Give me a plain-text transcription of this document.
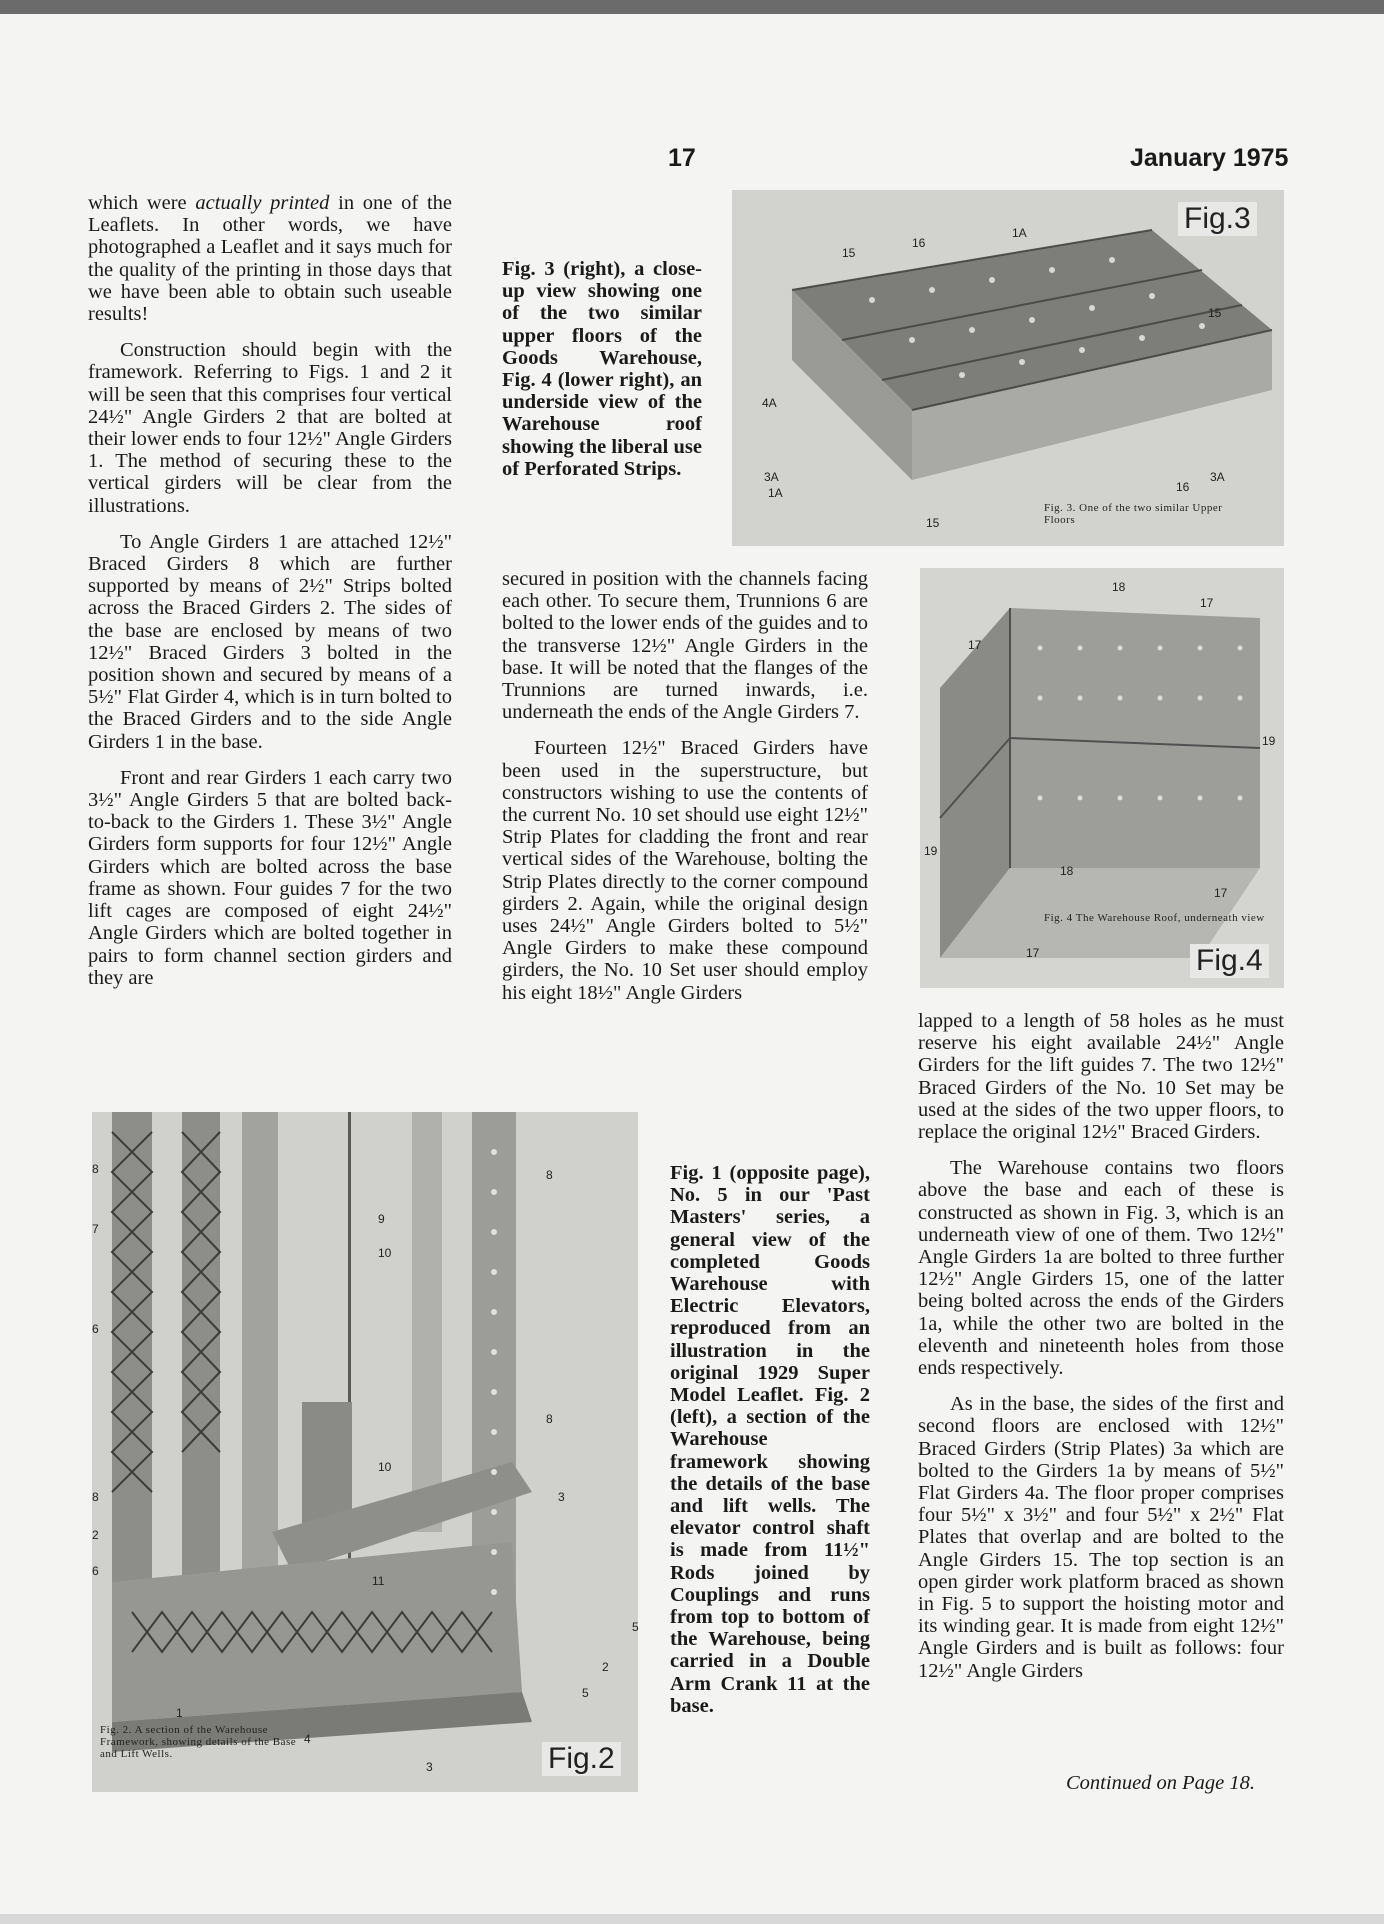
17	January 1975

which were actually printed in one of the Leaflets. In other words, we have photographed a Leaflet and it says much for the quality of the printing in those days that we have been able to obtain such useable results!

Construction should begin with the framework. Referring to Figs. 1 and 2 it will be seen that this comprises four vertical 24½" Angle Girders 2 that are bolted at their lower ends to four 12½" Angle Girders 1. The method of securing these to the vertical girders will be clear from the illustrations.

To Angle Girders 1 are attached 12½" Braced Girders 8 which are further supported by means of 2½" Strips bolted across the Braced Girders 2. The sides of the base are enclosed by means of two 12½" Braced Girders 3 bolted in the position shown and secured by means of a 5½" Flat Girder 4, which is in turn bolted to the Braced Girders and to the side Angle Girders 1 in the base.

Front and rear Girders 1 each carry two 3½" Angle Girders 5 that are bolted back-to-back to the Girders 1. These 3½" Angle Girders form supports for four 12½" Angle Girders which are bolted across the base frame as shown. Four guides 7 for the two lift cages are composed of eight 24½" Angle Girders which are bolted together in pairs to form channel section girders and they are

Fig. 3 (right), a close-up view showing one of the two similar upper floors of the Goods Warehouse, Fig. 4 (lower right), an underside view of the Warehouse roof showing the liberal use of Perforated Strips.

secured in position with the channels facing each other. To secure them, Trunnions 6 are bolted to the lower ends of the guides and to the transverse 12½" Angle Girders in the base. It will be noted that the flanges of the Trunnions are turned inwards, i.e. underneath the ends of the Angle Girders 7.

Fourteen 12½" Braced Girders have been used in the superstructure, but constructors wishing to use the contents of the current No. 10 set should use eight 12½" Strip Plates for cladding the front and rear vertical sides of the Warehouse, bolting the Strip Plates directly to the corner compound girders 2. Again, while the original design uses 24½" Angle Girders bolted to 5½" Angle Girders to make these compound girders, the No. 10 Set user should employ his eight 18½" Angle Girders

Fig. 1 (opposite page), No. 5 in our 'Past Masters' series, a general view of the completed Goods Warehouse with Electric Elevators, reproduced from an illustration in the original 1929 Super Model Leaflet. Fig. 2 (left), a section of the Warehouse framework showing the details of the base and lift wells. The elevator control shaft is made from 11½" Rods joined by Couplings and runs from top to bottom of the Warehouse, being carried in a Double Arm Crank 11 at the base.

lapped to a length of 58 holes as he must reserve his eight available 24½" Angle Girders for the lift guides 7. The two 12½" Braced Girders of the No. 10 Set may be used at the sides of the two upper floors, to replace the original 12½" Braced Girders.

The Warehouse contains two floors above the base and each of these is constructed as shown in Fig. 3, which is an underneath view of one of them. Two 12½" Angle Girders 1a are bolted to three further 12½" Angle Girders 15, one of the latter being bolted across the ends of the Girders 1a, while the other two are bolted in the eleventh and nineteenth holes from those ends respectively.

As in the base, the sides of the first and second floors are enclosed with 12½" Braced Girders (Strip Plates) 3a which are bolted to the Girders 1a by means of 5½" Flat Girders 4a. The floor proper comprises four 5½" x 3½" and four 5½" x 2½" Flat Plates that overlap and are bolted to the Angle Girders 15. The top section is an open girder work platform braced as shown in Fig. 5 to support the hoisting motor and its winding gear. It is made from eight 12½" Angle Girders and is built as follows: four 12½" Angle Girders

Continued on Page 18.
15
16
1A
15
4A
3A
1A
15
16
3A
Fig.3
Fig. 3. One of the two similar Upper Floors
18
17
17
19
19
18
17
17
Fig. 4 The Warehouse Roof, underneath view
Fig.4
8
7
9
10
8
6
8
10
3
8
2
6
11
1
4
3
5
2
5
Fig. 2. A section of the Warehouse Framework, showing details of the Base and Lift Wells.	Fig.2
